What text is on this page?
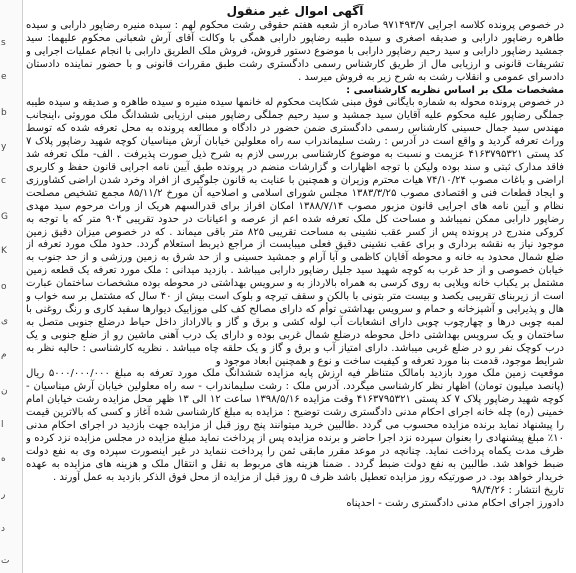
s
e
b
y
c
G
K
o
ی
م
ن
ا
ه
ر
د
ت
آگهی اموال غیر منقول

در خصوص پرونده کلاسه اجرایی ۹۷۱۴۹۳/۷ صادره از شعبه هفتم حقوقی رشت محکوم لهم : سیده منیره رضاپور دارابی و سیده طاهره رضاپور دارابی و صدیقه اصغری و سیده طیبه رضاپور دارابی همگی با وکالت آقای آرش شعبانی محکوم علیهما: سید جمشید رضاپور دارابی و سید رحیم رضاپور دارابی با موضوع دستور فروش، فروش ملک الطریق دارابی با انجام عملیات اجرایی و تشریفات قانونی و ارزیابی مال از طریق کارشناس رسمی دادگستری رشت طبق مقررات قانونی و با حضور نماینده دادستان دادسرای عمومی و انقلاب رشت به شرح زیر به فروش میرسد .

مشخصات ملک بر اساس نظریه کارشناسی :

در خصوص پرونده محوله به شماره بایگانی فوق مبنی شکایت محکوم له خانمها سیده منیره و سیده طاهره و صدیقه و سیده طیبه جملگی رضاپور علیه محکوم علیه آقایان سید جمشید و سید رحیم جملگی رضاپور مبنی ارزیابی ششدانگ ملک موروثی ،اینجانب مهندس سید جمال حسینی کارشناس رسمی دادگستری ضمن حضور در دادگاه و مطالعه پرونده به محل تعرفه شده که توسط وراث تعرفه گردید و واقع است در آدرس : رشت سلیماندراب سه راه معلولین خیابان آرش میناسیان کوچه شهید رضاپور پلاک ۷ کد پستی ۴۱۶۳۷۹۵۳۲۱ عزیمت و نسبت به موضوع کارشناسی بررسی لازم به شرح ذیل صورت پذیرفت . الف- ملک تعرفه شد فاقد مدارک ثبتی و سند بوده ولیکن با توجه اظهارات و گزارشات منضم در پرونده طبق آیین نامه اجرایی قانون حفظ و کاربری اراضی و باغات مصوب ۷۴/۱۰/۲۴ هیات محترم وزیران و همچنین با عنایت به قانون جلوگیری از افراد وخرد شدن اراضی کشاورزی و ایجاد قطعات فنی و اقتصادی مصوب ۱۳۸۳/۳/۲۵ مجلس شورای اسلامی و اصلاحیه آن مورخ ۸۵/۱۱/۲ مجمع تشخیص مصلحت نظام و آیین نامه های اجرایی قانون مزبور مصوب ۱۳۸۸/۷/۱۴ امکان افراز برای قدرالسهم هریک از وراث مرحوم سید مهدی رضاپور دارابی ممکن نمیباشد و مساحت کل ملک تعرفه شده اعم از عرصه و اعیانات در حدود تقریبی ۹۰۴ متر که با توجه به کروکی مندرج در پرونده پس از کسر عقب نشینی به مساحت تقریبی ۸۲۵ متر باقی میماند . که در خصوص میزان دقیق زمین موجود نیاز به نقشه برداری و برای عقب نشینی دقیق فعلی میبایست از مراجع ذیربط استعلام گردد. حدود ملک مورد تعرفه از ضلع شمال محدود به خانه و محوطه آقایان کاظمی و آیا آرام و جمشید حسینی و از حد شرق به زمین ورزشی و از حد جنوب به خیابان خصوصی و از حد غرب به کوچه شهید سید جلیل رضاپور دارابی میباشد . بازدید میدانی : ملک مورد تعرفه یک قطعه زمین مشتمل بر یکباب خانه ویلایی به روی کرسی به همراه بالارداز به و سرویس بهداشتی در محوطه بوده مشخصات ساختمان عبارت است از زیربنای تقریبی یکصد و بیست متر بتونی با بالکن و سقف تیرچه و بلوک است بیش از ۴۰ سال که مشتمل بر سه خواب و هال و پذیرایی و آشپزخانه و حمام و سرویس بهداشتی توأم که دارای مصالح کف کلی موزاییک دیوارها سفید کاری و رنگ روغنی با لمبه چوبی درها و چهارچوب چوبی دارای انشعابات آب لوله کشی و برق و گاز و بالاراداز داخل حیاط درضلع جنوبی متصل به ساختمان و یک سرویس بهداشتی داخل محوطه درضلع شمال غربی بوده و دارای یک درب آهنی ماشین رو از ضلع جنوبی و یک درب کوچک نفر رو در ضلع غربی میباشد. دارای امتیاز آب و برق و گاز و یک حلقه چاه میباشد . نظریه کارشناسی : حالیه نظر به شرایط موجود، قدمت بنا مورد تعرفه و کیفیت ساخت و نوع و همچنین ابعاد موجود و

موقعیت زمین ملک مورد بازدید بامالک متناظر فیه ارزش پایه مزایده ششدانگ ملک مورد تعرفه به مبلغ ۵۰۰۰/۰۰۰/۰۰۰ ریال (پانصد میلیون تومان) اظهار نظر کارشناسی میگردد. آدرس ملک : رشت سلیماندراب - سه راه معلولین خیابان آرش میناسیان - کوچه شهید رضاپور پلاک ۷ کد پستی ۴۱۶۳۷۹۵۳۲۱ وقت مزایده ۱۳۹۸/۵/۱۶ ساعت ۱۲ الی ۱۳ ظهر محل مزایده رشت خیابان امام خمینی (ره) چله خانه اجرای احکام مدنی دادگستری رشت توضیح : مزایده به مبلغ کارشناسی شده آغاز و کسی که بالاترین قیمت را پیشنهاد نماید برنده مزایده محسوب می گردد .طالبین خرید میتوانند پنج روز قبل از مزایده جهت بازدید در اجرای احکام مدنی ۱۰٪ مبلغ پیشنهادی را بعنوان سپرده نزد اجرا حاضر و برنده مزایده پس از پرداخت نماید مبلغ مزایده در مجلس مزایده نزد کرده و ظرف مدت یکماه پرداخت نماید. چنانچه در موعد مقرر مابقی ثمن را پرداخت ننماید در غیر اینصورت سپرده وی به نفع دولت ضبط خواهد شد. طالبین به نفع دولت ضبط گردد . ضمنا هزینه های مربوط به نقل و انتقال ملک و هزینه های مزایده به عهده خریدار خواهد بود. در صورتیکه روز مزایده تعطیل باشد ظرف ۵ روز قبل از مزایده از محل فوق الذکر بازدید به عمل آورند .

تاریخ انتشار : ۹۸/۴/۲۶

دادورز اجرای احکام مدنی دادگستری رشت - احدپناه
